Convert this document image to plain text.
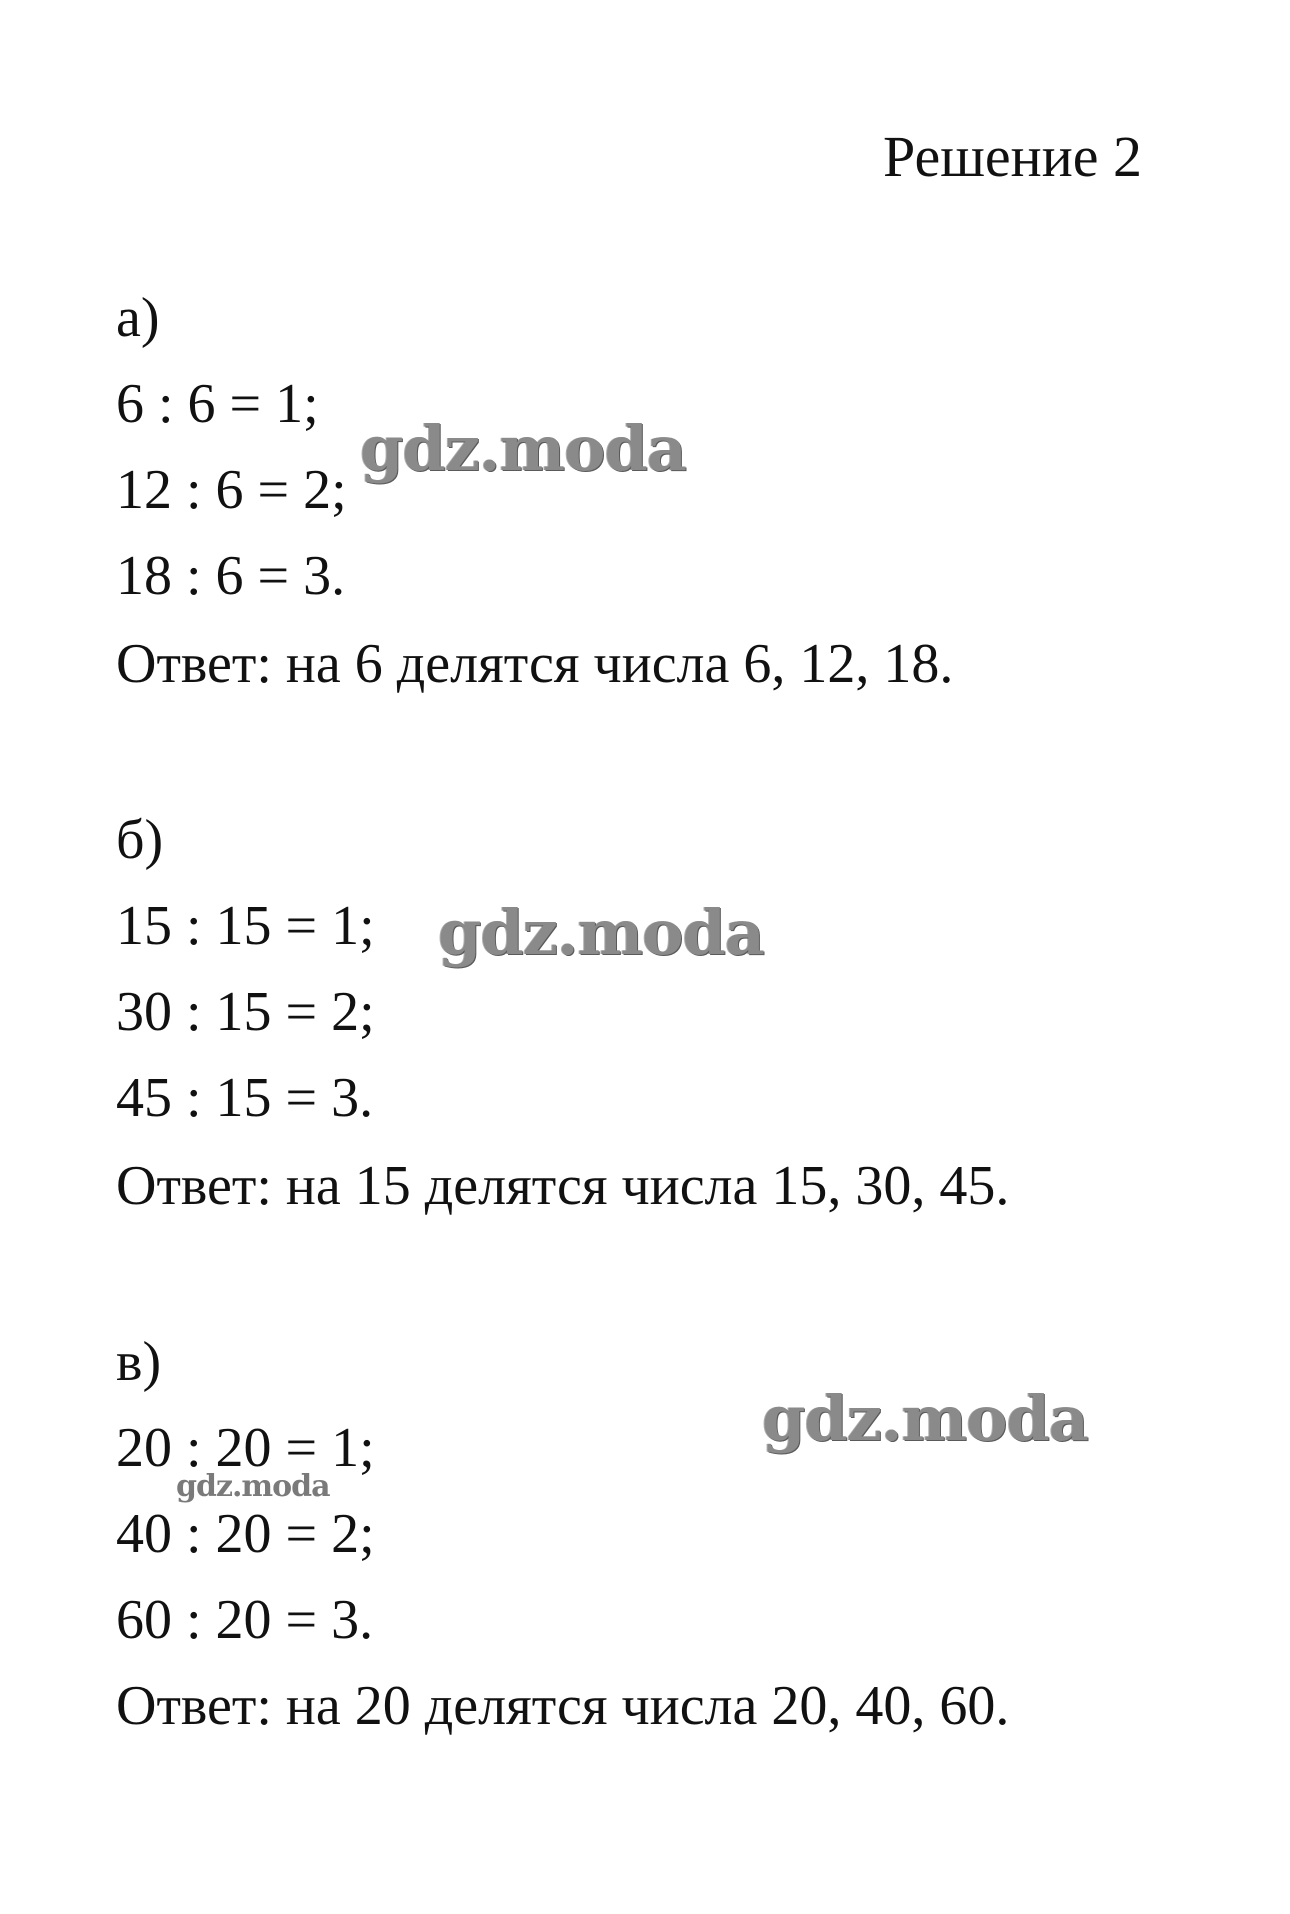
Решение 2
а)
6 : 6 = 1;
12 : 6 = 2;
18 : 6 = 3.
Ответ: на 6 делятся числа 6, 12, 18.
б)
15 : 15 = 1;
30 : 15 = 2;
45 : 15 = 3.
Ответ: на 15 делятся числа 15, 30, 45.
в)
20 : 20 = 1;
40 : 20 = 2;
60 : 20 = 3.
Ответ: на 20 делятся числа 20, 40, 60.
gdz.moda
gdz.moda
gdz.moda
gdz.moda
